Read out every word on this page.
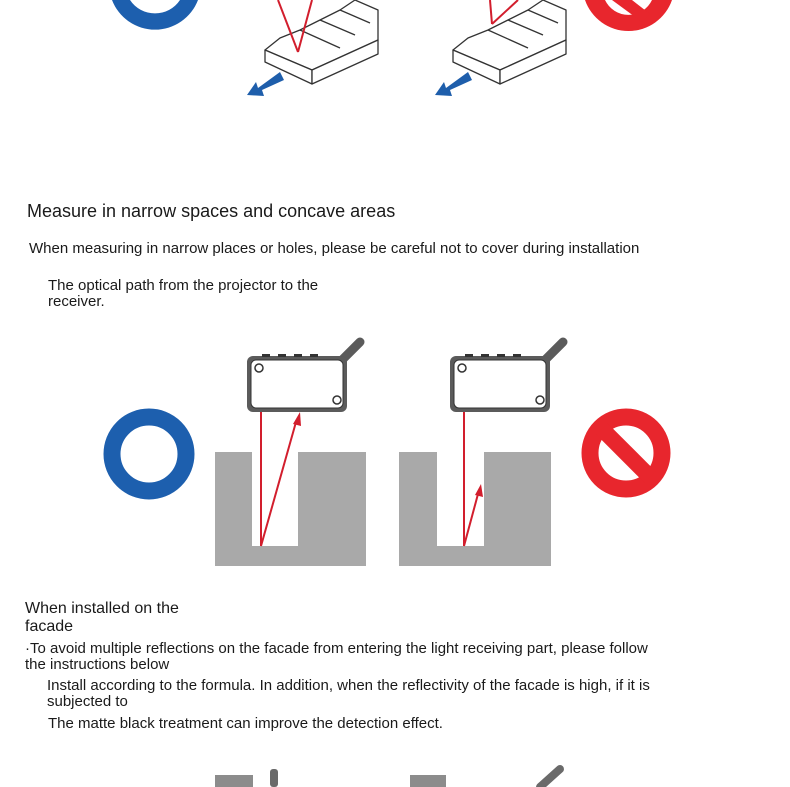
Measure in narrow spaces and concave areas
When measuring in narrow places or holes, please be careful not to cover during installation
The optical path from the projector to the
receiver.
When installed on the
facade
·To avoid multiple reflections on the facade from entering the light receiving part, please follow
the instructions below
Install according to the formula. In addition, when the reflectivity of the facade is high, if it is
subjected to
The matte black treatment can improve the detection effect.
